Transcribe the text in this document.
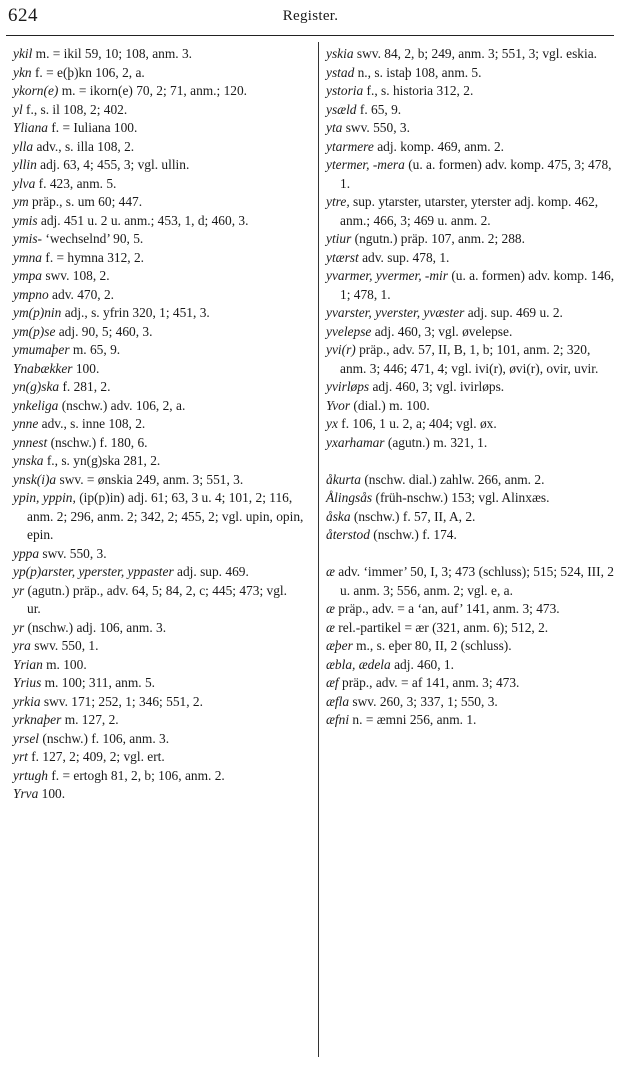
624	Register.

ykil m. = ikil 59, 10; 108, anm. 3.

ykn f. = e(þ)kn 106, 2, a.

ykorn(e) m. = ikorn(e) 70, 2; 71, anm.; 120.

yl f., s. il 108, 2; 402.

Yliana f. = Iuliana 100.

ylla adv., s. illa 108, 2.

yllin adj. 63, 4; 455, 3; vgl. ullin.

ylva f. 423, anm. 5.

ym präp., s. um 60; 447.

ymis adj. 451 u. 2 u. anm.; 453, 1, d; 460, 3.

ymis- ‘wechselnd’ 90, 5.

ymna f. = hymna 312, 2.

ympa swv. 108, 2.

ympno adv. 470, 2.

ym(p)nin adj., s. yfrin 320, 1; 451, 3.

ym(p)se adj. 90, 5; 460, 3.

ymumaþer m. 65, 9.

Ynabækker 100.

yn(g)ska f. 281, 2.

ynkeliga (nschw.) adv. 106, 2, a.

ynne adv., s. inne 108, 2.

ynnest (nschw.) f. 180, 6.

ynska f., s. yn(g)ska 281, 2.

ynsk(i)a swv. = ønskia 249, anm. 3; 551, 3.

ypin, yppin, (ip(p)in) adj. 61; 63, 3 u. 4; 101, 2; 116, anm. 2; 296, anm. 2; 342, 2; 455, 2; vgl. upin, opin, epin.

yppa swv. 550, 3.

yp(p)arster, yperster, yppaster adj. sup. 469.

yr (agutn.) präp., adv. 64, 5; 84, 2, c; 445; 473; vgl. ur.

yr (nschw.) adj. 106, anm. 3.

yra swv. 550, 1.

Yrian m. 100.

Yrius m. 100; 311, anm. 5.

yrkia swv. 171; 252, 1; 346; 551, 2.

yrknaþer m. 127, 2.

yrsel (nschw.) f. 106, anm. 3.

yrt f. 127, 2; 409, 2; vgl. ert.

yrtugh f. = ertogh 81, 2, b; 106, anm. 2.

Yrva 100.

yskia swv. 84, 2, b; 249, anm. 3; 551, 3; vgl. eskia.

ystad n., s. istaþ 108, anm. 5.

ystoria f., s. historia 312, 2.

ysæld f. 65, 9.

yta swv. 550, 3.

ytarmere adj. komp. 469, anm. 2.

ytermer, -mera (u. a. formen) adv. komp. 475, 3; 478, 1.

ytre, sup. ytarster, utarster, yterster adj. komp. 462, anm.; 466, 3; 469 u. anm. 2.

ytiur (ngutn.) präp. 107, anm. 2; 288.

ytærst adv. sup. 478, 1.

yvarmer, yvermer, -mir (u. a. formen) adv. komp. 146, 1; 478, 1.

yvarster, yverster, yvæster adj. sup. 469 u. 2.

yvelepse adj. 460, 3; vgl. øvelepse.

yvi(r) präp., adv. 57, II, B, 1, b; 101, anm. 2; 320, anm. 3; 446; 471, 4; vgl. ivi(r), øvi(r), ovir, uvir.

yvirløps adj. 460, 3; vgl. ivirløps.

Yvor (dial.) m. 100.

yx f. 106, 1 u. 2, a; 404; vgl. øx.

yxarhamar (agutn.) m. 321, 1.

åkurta (nschw. dial.) zahlw. 266, anm. 2.

Ålingsås (früh-nschw.) 153; vgl. Alinxæs.

åska (nschw.) f. 57, II, A, 2.

återstod (nschw.) f. 174.

æ adv. ‘immer’ 50, I, 3; 473 (schluss); 515; 524, III, 2 u. anm. 3; 556, anm. 2; vgl. e, a.

æ präp., adv. = a ‘an, auf’ 141, anm. 3; 473.

æ rel.-partikel = ær (321, anm. 6); 512, 2.

æþer m., s. eþer 80, II, 2 (schluss).

æbla, ædela adj. 460, 1.

æf präp., adv. = af 141, anm. 3; 473.

æfla swv. 260, 3; 337, 1; 550, 3.

æfni n. = æmni 256, anm. 1.
